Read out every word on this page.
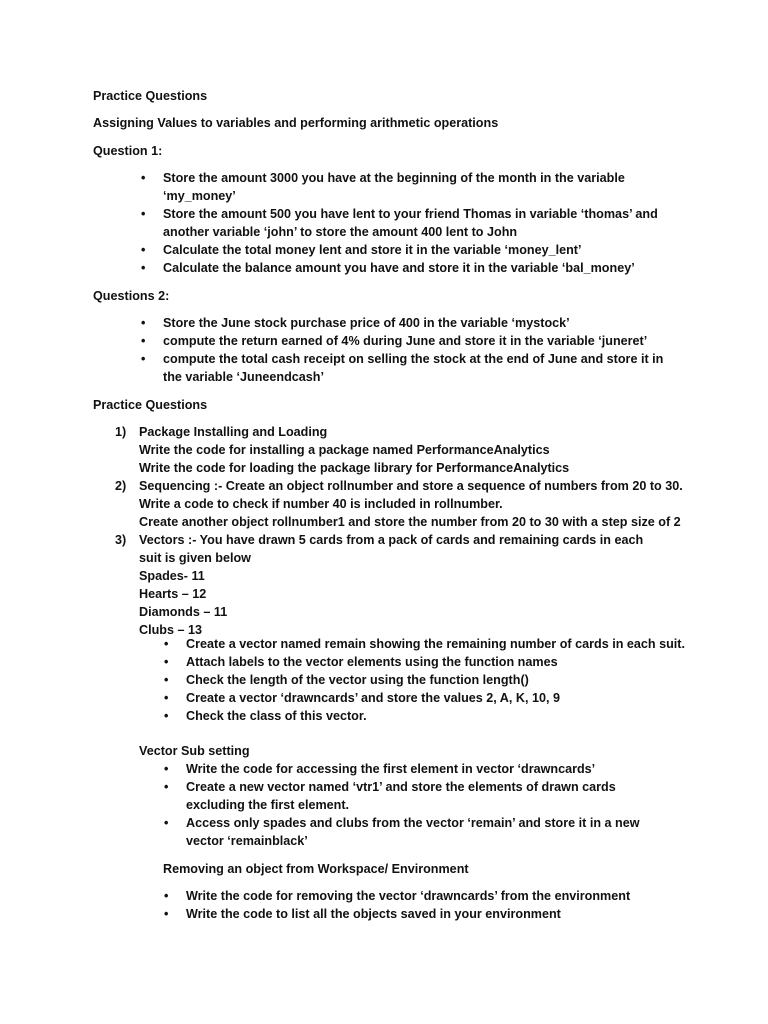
Practice Questions
Assigning Values to variables and performing arithmetic operations
Question 1:
• Store the amount 3000 you have at the beginning of the month in the variable ‘my_money’
• Store the amount 500 you have lent to your friend Thomas in variable ‘thomas’ and another variable ‘john’ to store the amount 400 lent to John
• Calculate the total money lent and store it in the variable ‘money_lent’
• Calculate the balance amount you have and store it in the variable ‘bal_money’
Questions 2:
• Store the June stock purchase price of 400 in the variable ‘mystock’
• compute the return earned of 4% during June and store it in the variable ‘juneret’
• compute the total cash receipt on selling the stock at the end of June and store it in the variable ‘Juneendcash’
Practice Questions
1) Package Installing and Loading
Write the code for installing a package named PerformanceAnalytics
Write the code for loading the package library for PerformanceAnalytics
2) Sequencing :- Create an object rollnumber and store a sequence of numbers from 20 to 30.
Write a code to check if number 40 is included in rollnumber.
Create another object rollnumber1 and store the number from 20 to 30 with a step size of 2
3) Vectors :- You have drawn 5 cards from a pack of cards and remaining cards in each suit is given below
Spades- 11
Hearts – 12
Diamonds – 11
Clubs – 13
• Create a vector named remain showing the remaining number of cards in each suit.
• Attach labels to the vector elements using the function names
• Check the length of the vector using the function length()
• Create a vector ‘drawncards’ and store the values 2, A, K, 10, 9
• Check the class of this vector.
Vector Sub setting
• Write the code for accessing the first element in vector ‘drawncards’
• Create a new vector named ‘vtr1’ and store the elements of drawn cards excluding the first element.
• Access only spades and clubs from the vector ‘remain’ and store it in a new vector ‘remainblack’
Removing an object from Workspace/ Environment
• Write the code for removing the vector ‘drawncards’ from the environment
• Write the code to list all the objects saved in your environment
